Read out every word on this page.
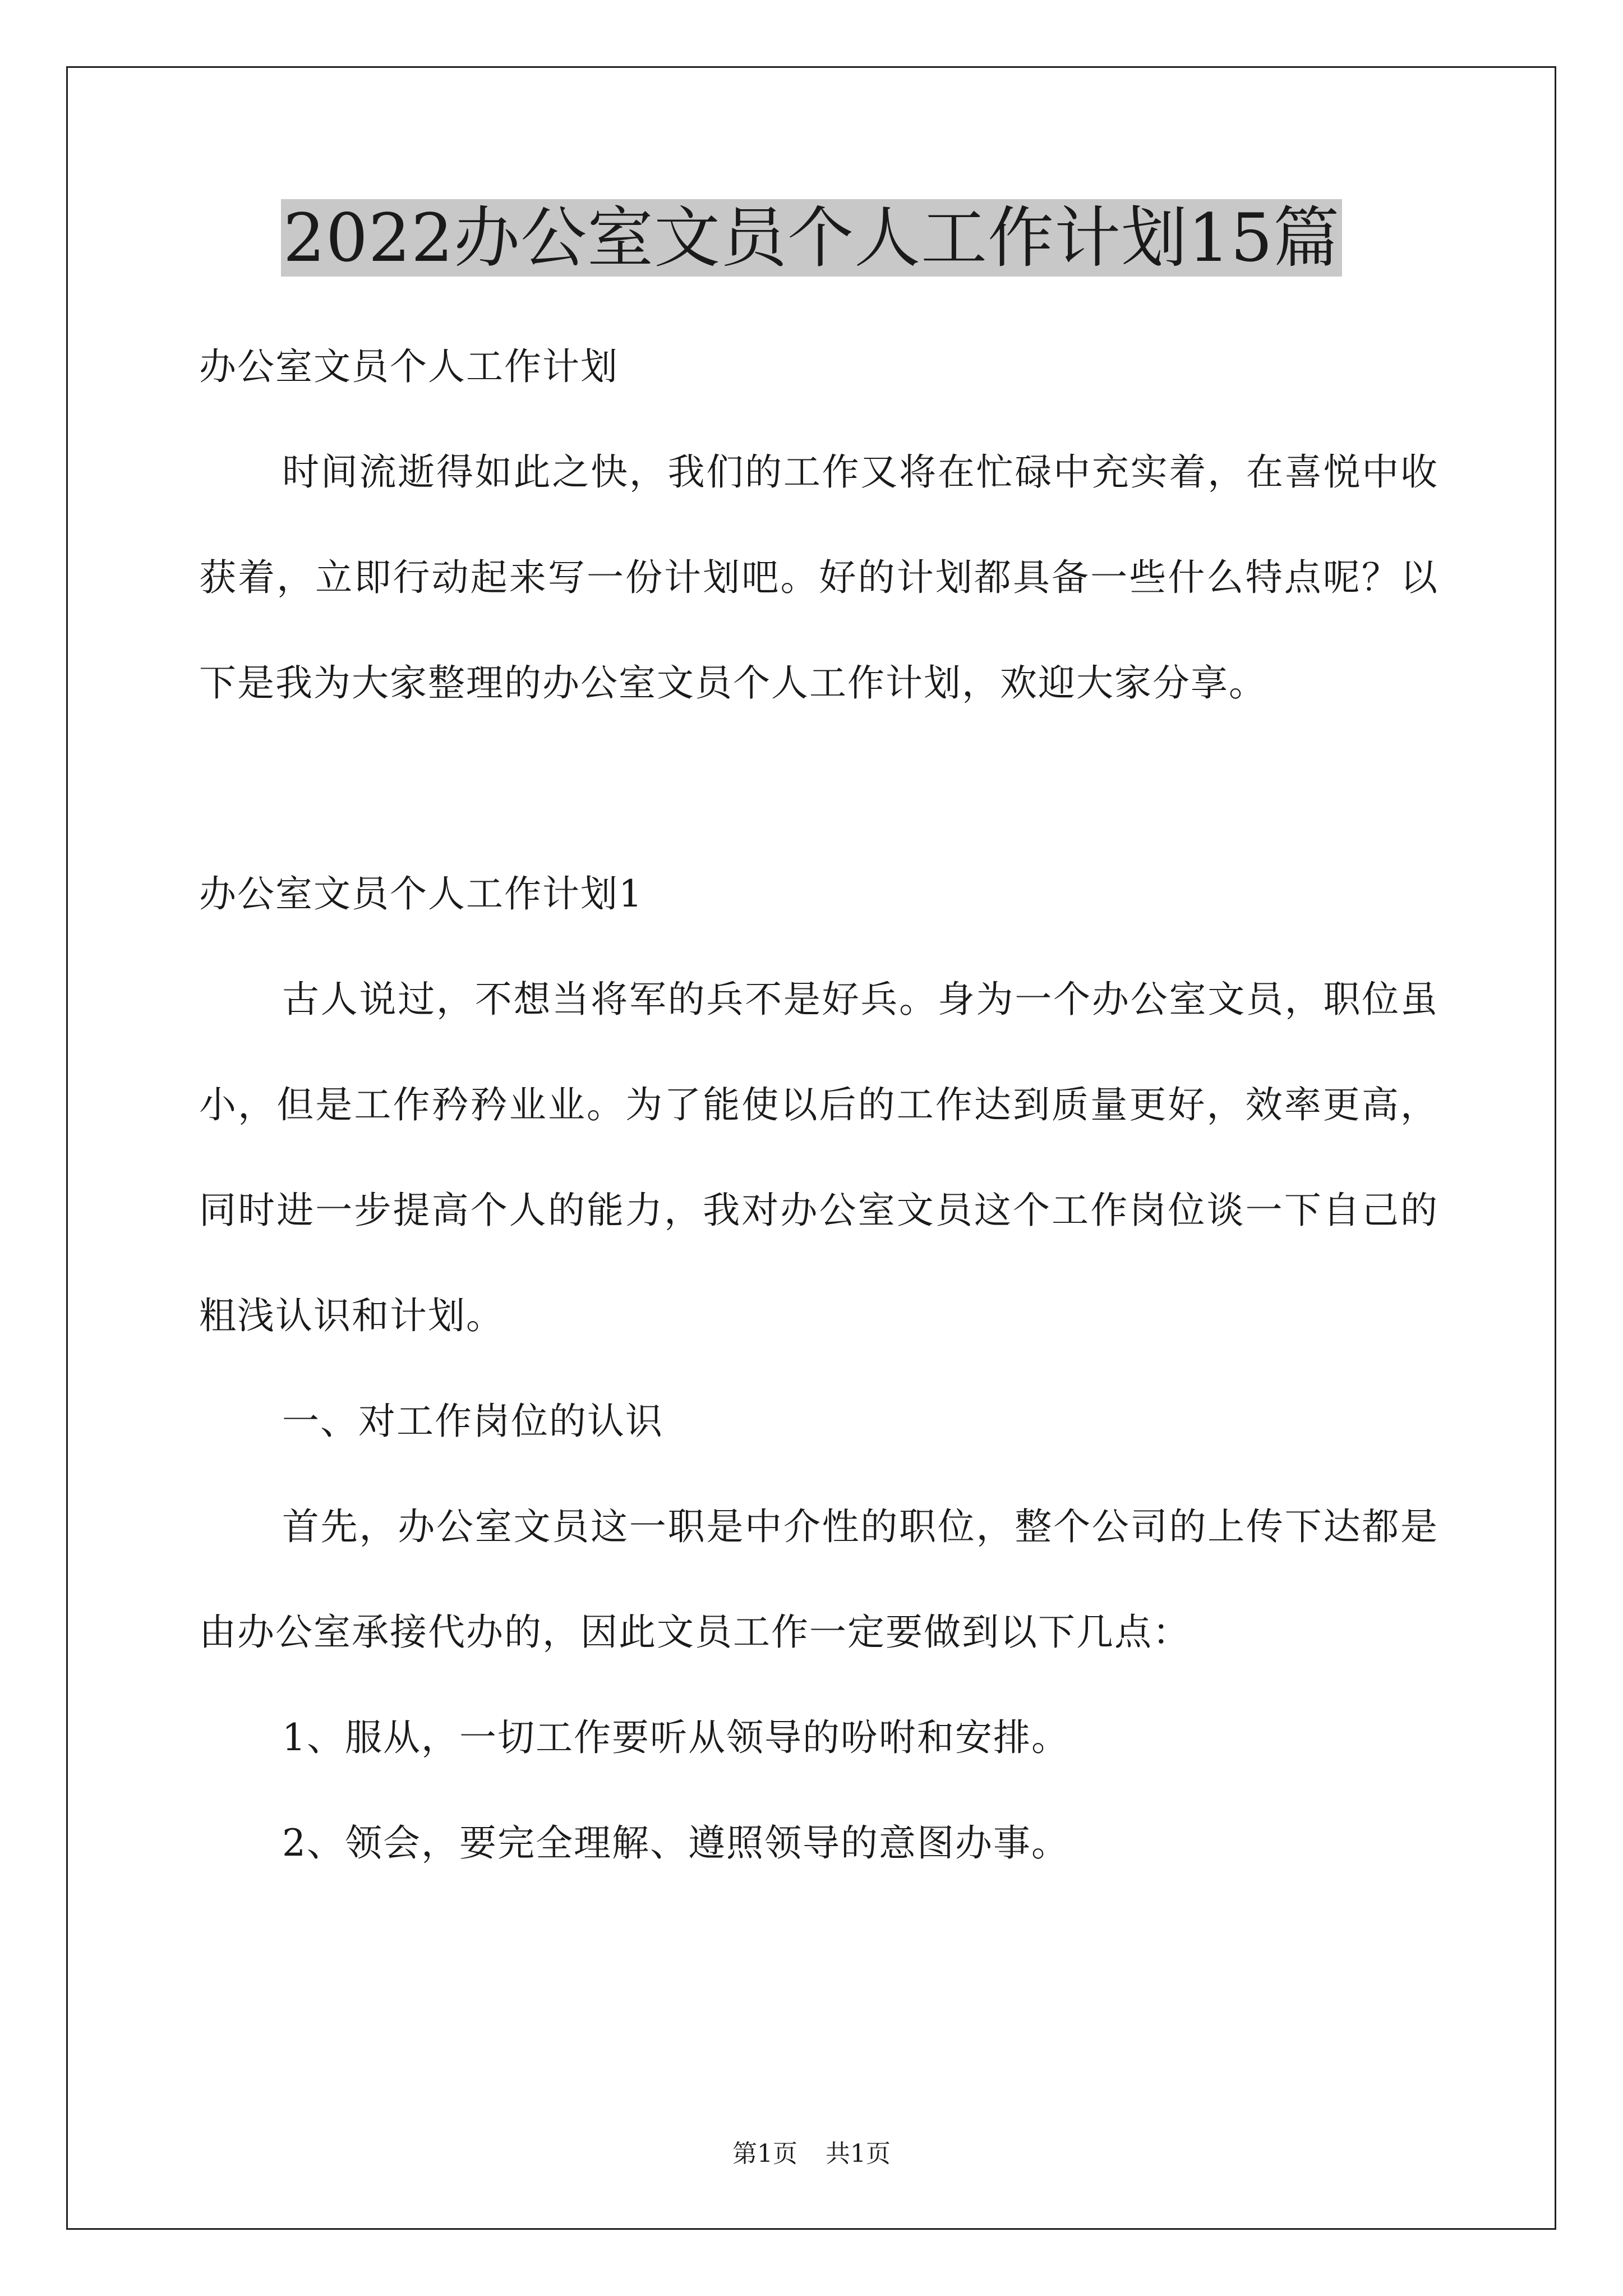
2022办公室文员个人工作计划15篇

办公室文员个人工作计划

时间流逝得如此之快，我们的工作又将在忙碌中充实着，在喜悦中收获着，立即行动起来写一份计划吧。好的计划都具备一些什么特点呢？以下是我为大家整理的办公室文员个人工作计划，欢迎大家分享。

办公室文员个人工作计划1

古人说过，不想当将军的兵不是好兵。身为一个办公室文员，职位虽小，但是工作矜矜业业。为了能使以后的工作达到质量更好，效率更高，同时进一步提高个人的能力，我对办公室文员这个工作岗位谈一下自己的粗浅认识和计划。

一、对工作岗位的认识

首先，办公室文员这一职是中介性的职位，整个公司的上传下达都是由办公室承接代办的，因此文员工作一定要做到以下几点：

1、服从，一切工作要听从领导的吩咐和安排。

2、领会，要完全理解、遵照领导的意图办事。

第1页 共1页
